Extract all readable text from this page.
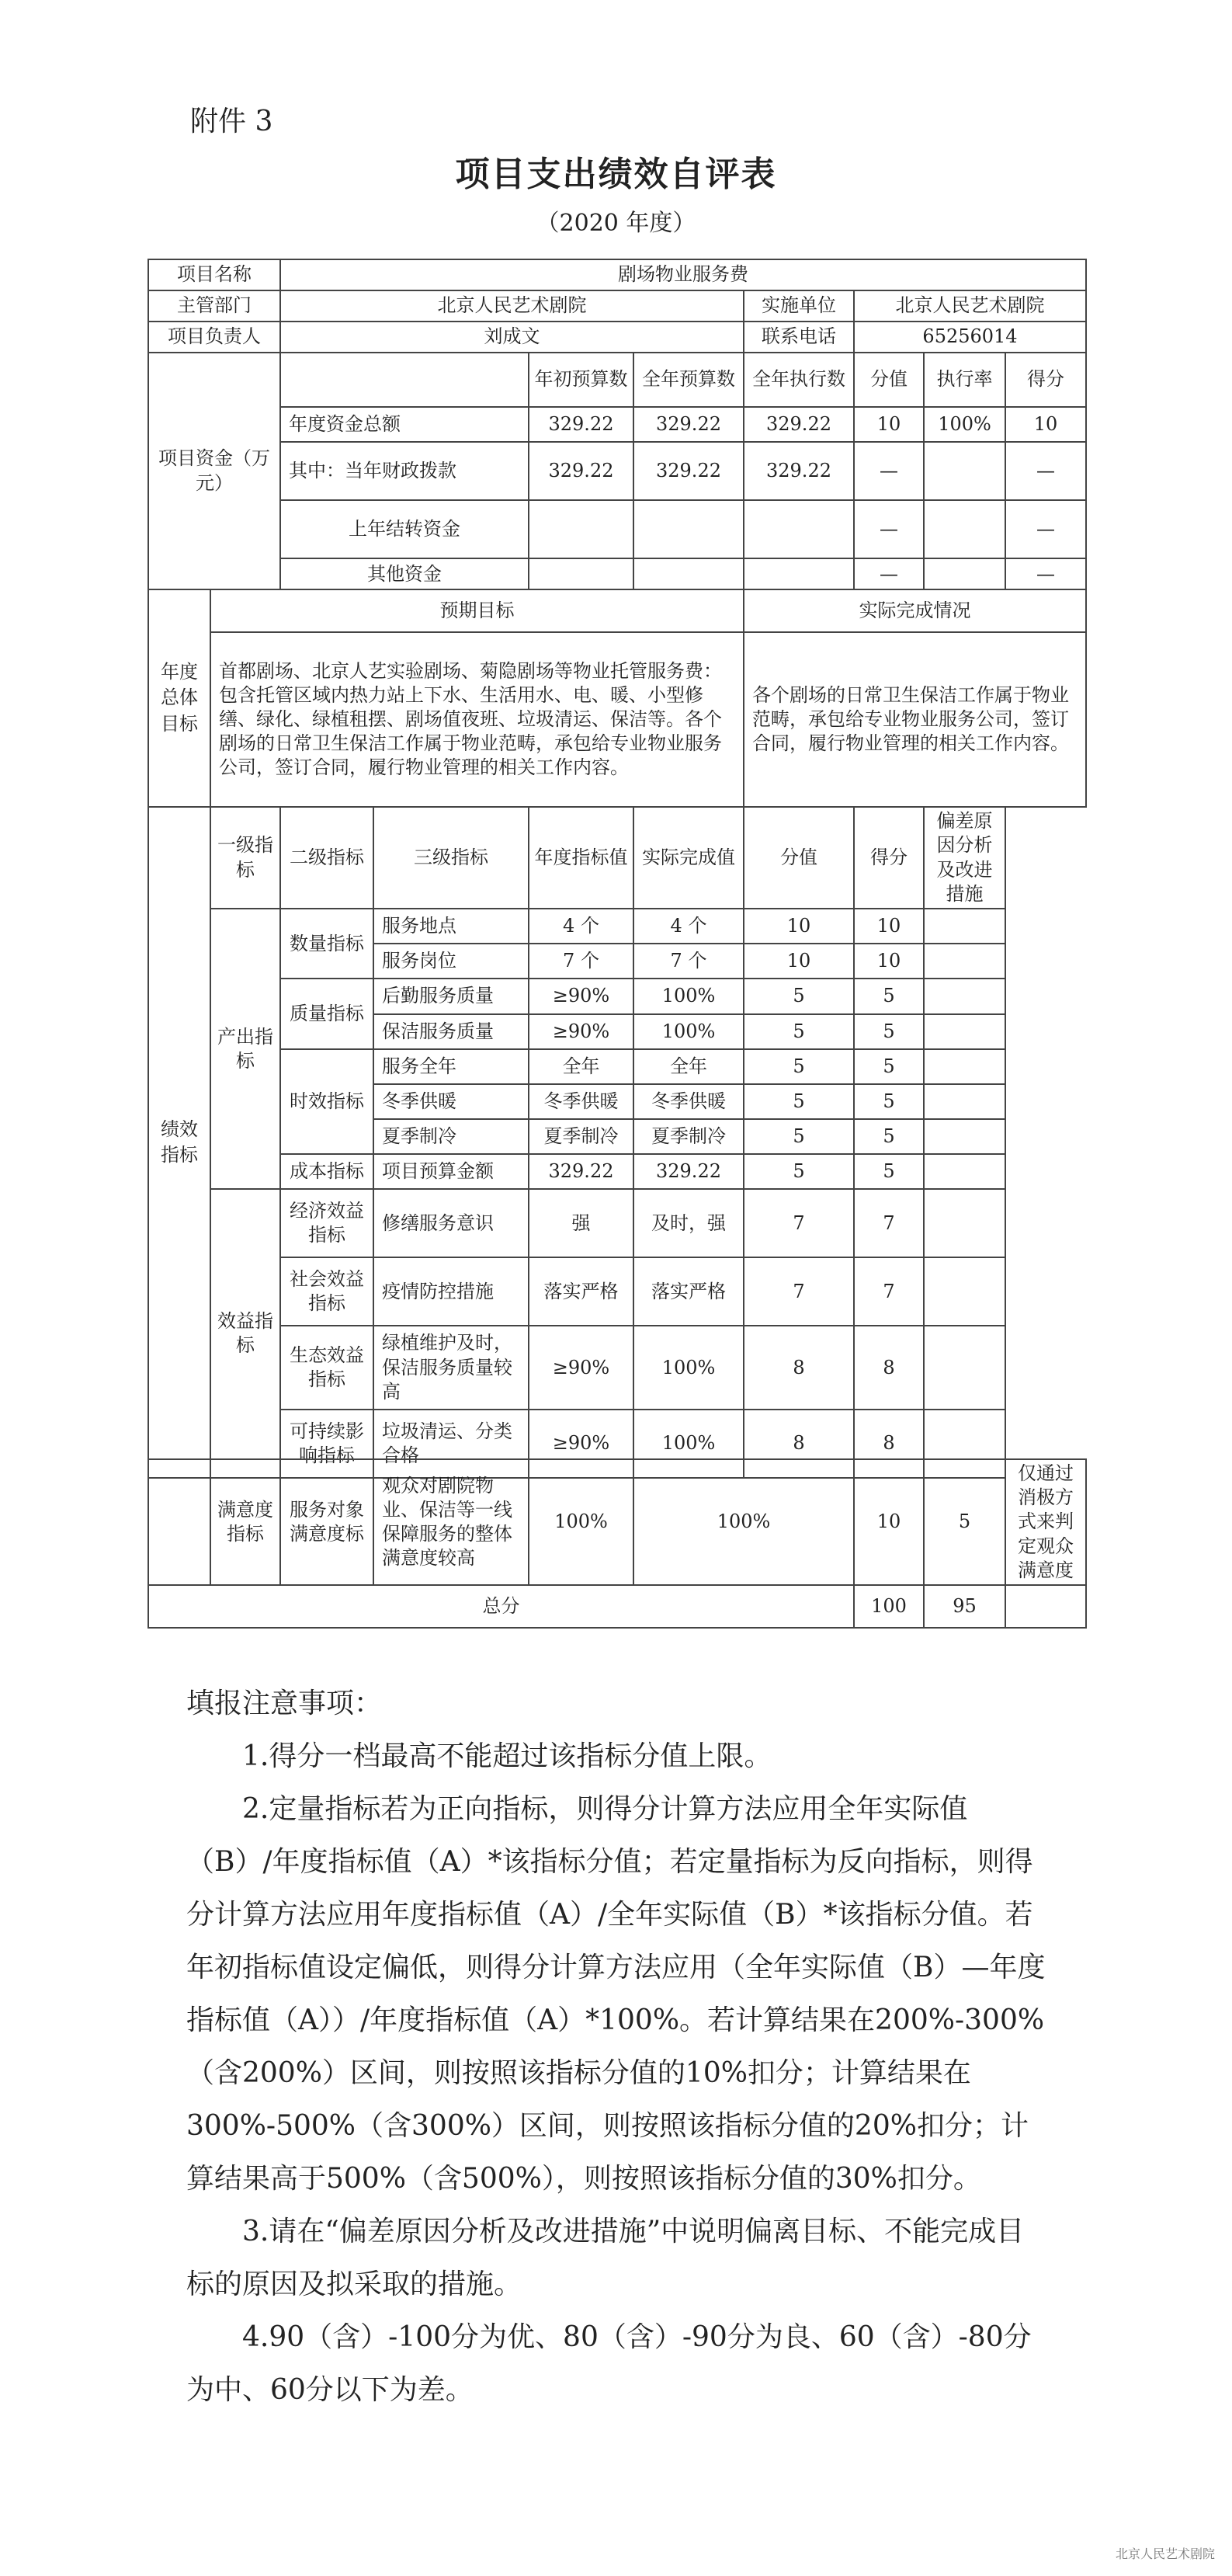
附件 3
项目支出绩效自评表
（2020 年度）
项目名称		剧场物业服务费							
主管部门		北京人民艺术剧院				实施单位	北京人民艺术剧院		
项目负责人		刘成文				联系电话	65256014		
项目资金（万元）				年初预算数	全年预算数	全年执行数	分值	执行率	得分
		年度资金总额		329.22	329.22	329.22	10	100%	10
		其中：当年财政拨款		329.22	329.22	329.22	—		—
		上年结转资金					—		—
		其他资金					—		—
年度总体目标	预期目标					实际完成情况			
	首都剧场、北京人艺实验剧场、菊隐剧场等物业托管服务费：包含托管区域内热力站上下水、生活用水、电、暖、小型修缮、绿化、绿植租摆、剧场值夜班、垃圾清运、保洁等。各个剧场的日常卫生保洁工作属于物业范畴，承包给专业物业服务公司，签订合同，履行物业管理的相关工作内容。					各个剧场的日常卫生保洁工作属于物业范畴，承包给专业物业服务公司，签订合同，履行物业管理的相关工作内容。			
绩效指标	一级指标	二级指标	三级指标	年度指标值	实际完成值	分值	得分	偏差原因分析及改进措施	
	产出指标	数量指标	服务地点	4 个	4 个	10	10		
			服务岗位	7 个	7 个	10	10		
		质量指标	后勤服务质量	≥90%	100%	5	5		
			保洁服务质量	≥90%	100%	5	5		
		时效指标	服务全年	全年	全年	5	5		
			冬季供暖	冬季供暖	冬季供暖	5	5		
			夏季制冷	夏季制冷	夏季制冷	5	5		
		成本指标	项目预算金额	329.22	329.22	5	5		
	效益指标	经济效益指标	修缮服务意识	强	及时，强	7	7		
		社会效益指标	疫情防控措施	落实严格	落实严格	7	7		
		生态效益指标	绿植维护及时，保洁服务质量较高	≥90%	100%	8	8		
		可持续影响指标	垃圾清运、分类合格	≥90%	100%	8	8		
	满意度指标	服务对象满意度标	观众对剧院物业、保洁等一线保障服务的整体满意度较高	100%	100%	10	5	仅通过消极方式来判定观众满意度
总分						100	95	

填报注意事项：

1.得分一档最高不能超过该指标分值上限。

2.定量指标若为正向指标，则得分计算方法应用全年实际值（B）/年度指标值（A）*该指标分值；若定量指标为反向指标，则得分计算方法应用年度指标值（A）/全年实际值（B）*该指标分值。若年初指标值设定偏低，则得分计算方法应用（全年实际值（B）—年度指标值（A））/年度指标值（A）*100%。若计算结果在200%-300%（含200%）区间，则按照该指标分值的10%扣分；计算结果在300%-500%（含300%）区间，则按照该指标分值的20%扣分；计算结果高于500%（含500%），则按照该指标分值的30%扣分。

3.请在“偏差原因分析及改进措施”中说明偏离目标、不能完成目标的原因及拟采取的措施。

4.90（含）-100分为优、80（含）-90分为良、60（含）-80分为中、60分以下为差。

北京人民艺术剧院
